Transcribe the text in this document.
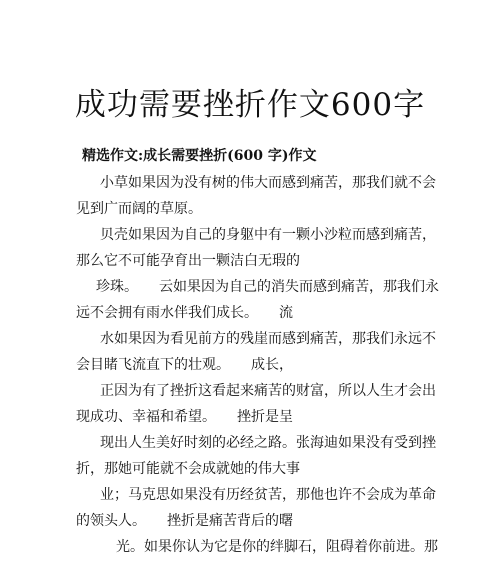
成功需要挫折作文600字
精选作文:成长需要挫折(600 字)作文
小草如果因为没有树的伟大而感到痛苦，那我们就不会
见到广而阔的草原。
贝壳如果因为自己的身躯中有一颗小沙粒而感到痛苦，
那么它不可能孕育出一颗洁白无瑕的
珍珠。　　云如果因为自己的消失而感到痛苦，那我们永
远不会拥有雨水伴我们成长。　　流
水如果因为看见前方的残崖而感到痛苦，那我们永远不
会目睹飞流直下的壮观。　　成长，
正因为有了挫折这看起来痛苦的财富，所以人生才会出
现成功、幸福和希望。　　挫折是呈
现出人生美好时刻的必经之路。张海迪如果没有受到挫
折，那她可能就不会成就她的伟大事
业；马克思如果没有历经贫苦，那他也许不会成为革命
的领头人。　　挫折是痛苦背后的曙
光。如果你认为它是你的绊脚石，阻碍着你前进。那
